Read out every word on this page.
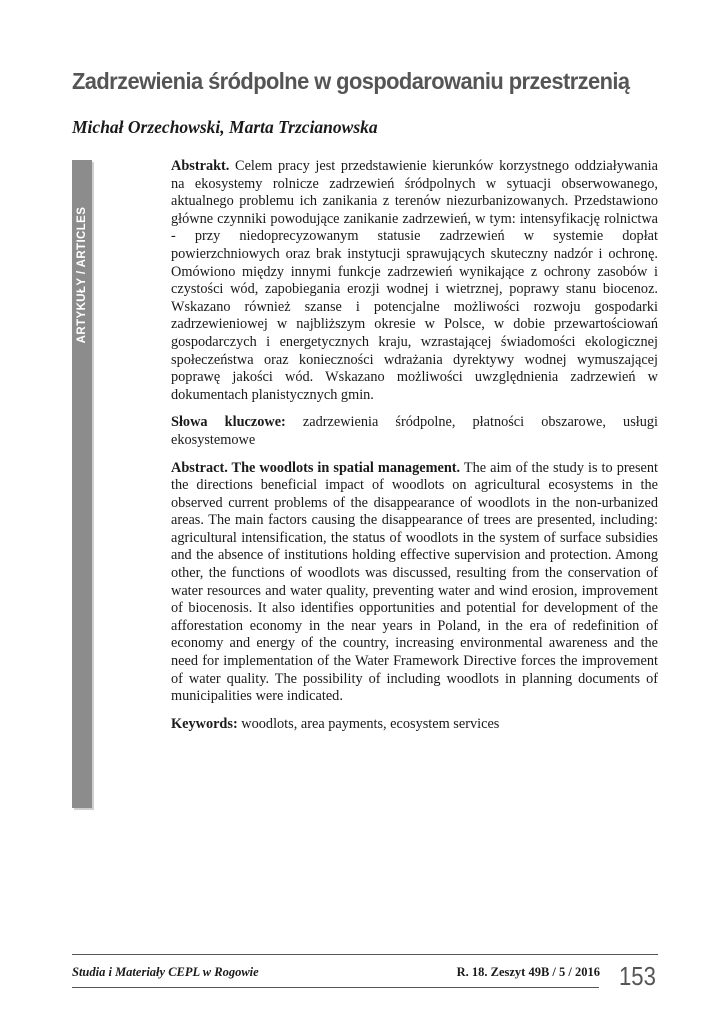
Zadrzewienia śródpolne w gospodarowaniu przestrzenią
Michał Orzechowski, Marta Trzcianowska
ARTYKUŁY / ARTICLES

Abstrakt. Celem pracy jest przedstawienie kierunków korzystnego oddziaływania na ekosystemy rolnicze zadrzewień śródpolnych w sytuacji obserwowanego, aktualnego problemu ich zanikania z terenów niezurbanizowanych. Przedstawiono główne czynniki powodujące zanikanie zadrzewień, w tym: intensyfikację rolnictwa - przy niedoprecyzowanym statusie zadrzewień w systemie dopłat powierzchniowych oraz brak instytucji sprawujących skuteczny nadzór i ochronę. Omówiono między innymi funkcje zadrzewień wynikające z ochrony zasobów i czystości wód, zapobiegania erozji wodnej i wietrznej, poprawy stanu biocenoz. Wskazano również szanse i potencjalne możliwości rozwoju gospodarki zadrzewieniowej w najbliższym okresie w Polsce, w dobie przewartościowań gospodarczych i energetycznych kraju, wzrastającej świadomości ekologicznej społeczeństwa oraz konieczności wdrażania dyrektywy wodnej wymuszającej poprawę jakości wód. Wskazano możliwości uwzględnienia zadrzewień w dokumentach planistycznych gmin.

Słowa kluczowe: zadrzewienia śródpolne, płatności obszarowe, usługi ekosystemowe

Abstract. The woodlots in spatial management. The aim of the study is to present the directions beneficial impact of woodlots on agricultural ecosystems in the observed current problems of the disappearance of woodlots in the non-urbanized areas. The main factors causing the disappearance of trees are presented, including: agricultural intensification, the status of woodlots in the system of surface subsidies and the absence of institutions holding effective supervision and protection. Among other, the functions of woodlots was discussed, resulting from the conservation of water resources and water quality, preventing water and wind erosion, improvement of biocenosis. It also identifies opportunities and potential for development of the afforestation economy in the near years in Poland, in the era of redefinition of economy and energy of the country, increasing environmental awareness and the need for implementation of the Water Framework Directive forces the improvement of water quality. The possibility of including woodlots in planning documents of municipalities were indicated.

Keywords: woodlots, area payments, ecosystem services

Studia i Materiały CEPL w Rogowie	R. 18. Zeszyt 49B / 5 / 2016 153
